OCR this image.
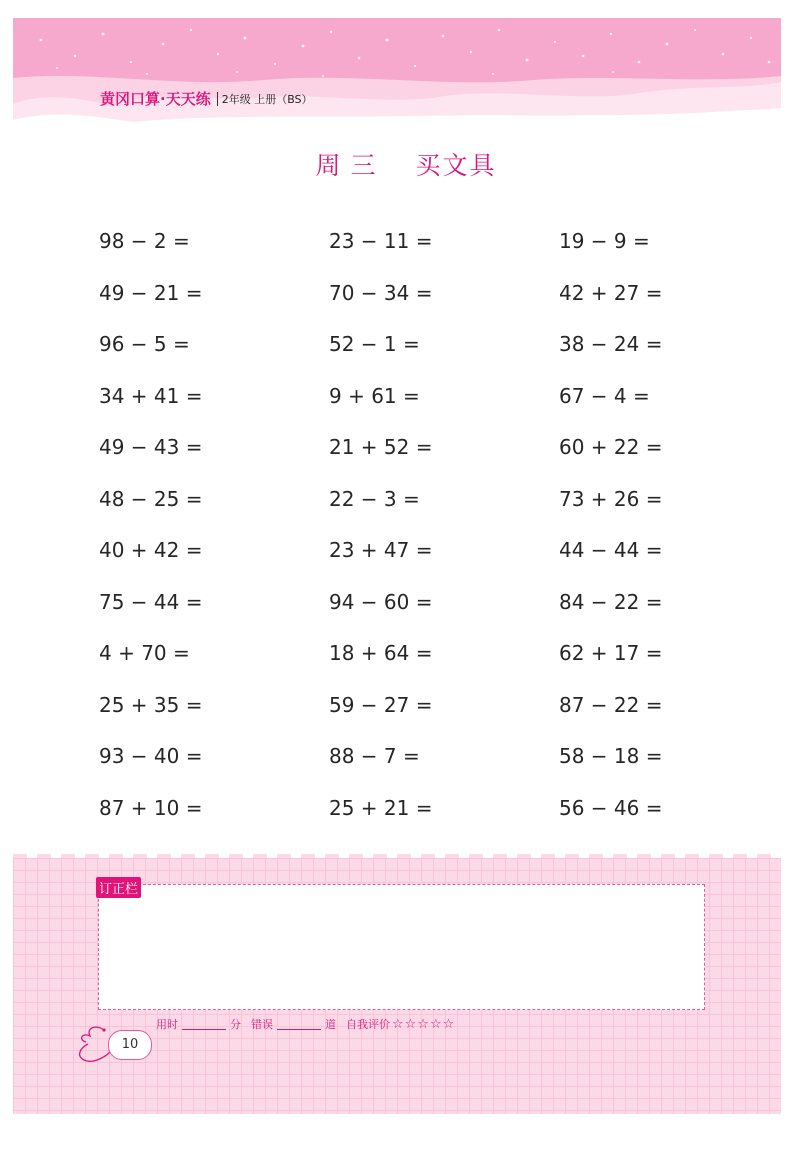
黄冈口算·天天练 2年级 上册（BS）
周三	买文具
98 − 2 =	23 − 11 =	19 − 9 =
49 − 21 =	70 − 34 =	42 + 27 =
96 − 5 =	52 − 1 =	38 − 24 =
34 + 41 =	9 + 61 =	67 − 4 =
49 − 43 =	21 + 52 =	60 + 22 =
48 − 25 =	22 − 3 =	73 + 26 =
40 + 42 =	23 + 47 =	44 − 44 =
75 − 44 =	94 − 60 =	84 − 22 =
4 + 70 =	18 + 64 =	62 + 17 =
25 + 35 =	59 − 27 =	87 − 22 =
93 − 40 =	88 − 7 =	58 − 18 =
87 + 10 =	25 + 21 =	56 − 46 =
订正栏
10
用时	分 错误	道 自我评价 ☆☆☆☆☆
